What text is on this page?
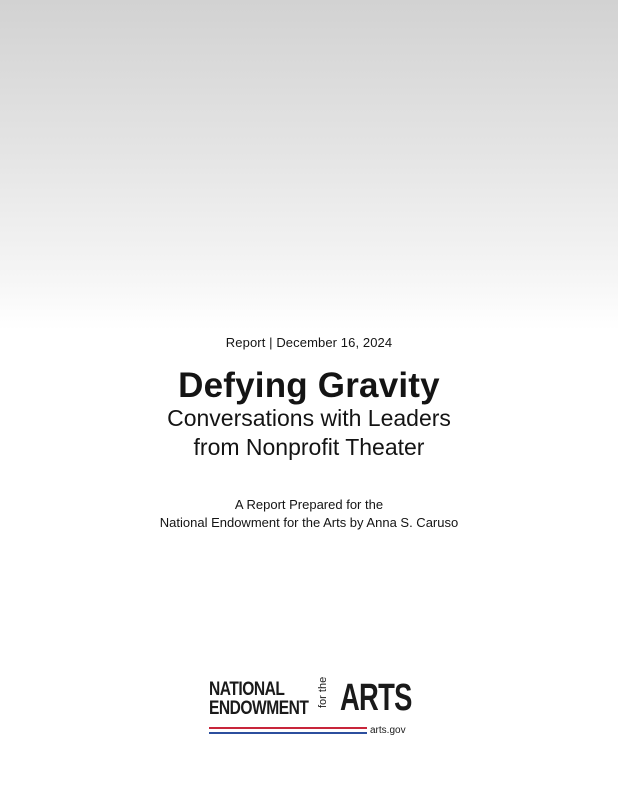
Report | December 16, 2024
Defying Gravity
Conversations with Leaders
from Nonprofit Theater
A Report Prepared for the
National Endowment for the Arts by Anna S. Caruso
NATIONAL
ENDOWMENT
for the ARTS
arts.gov
